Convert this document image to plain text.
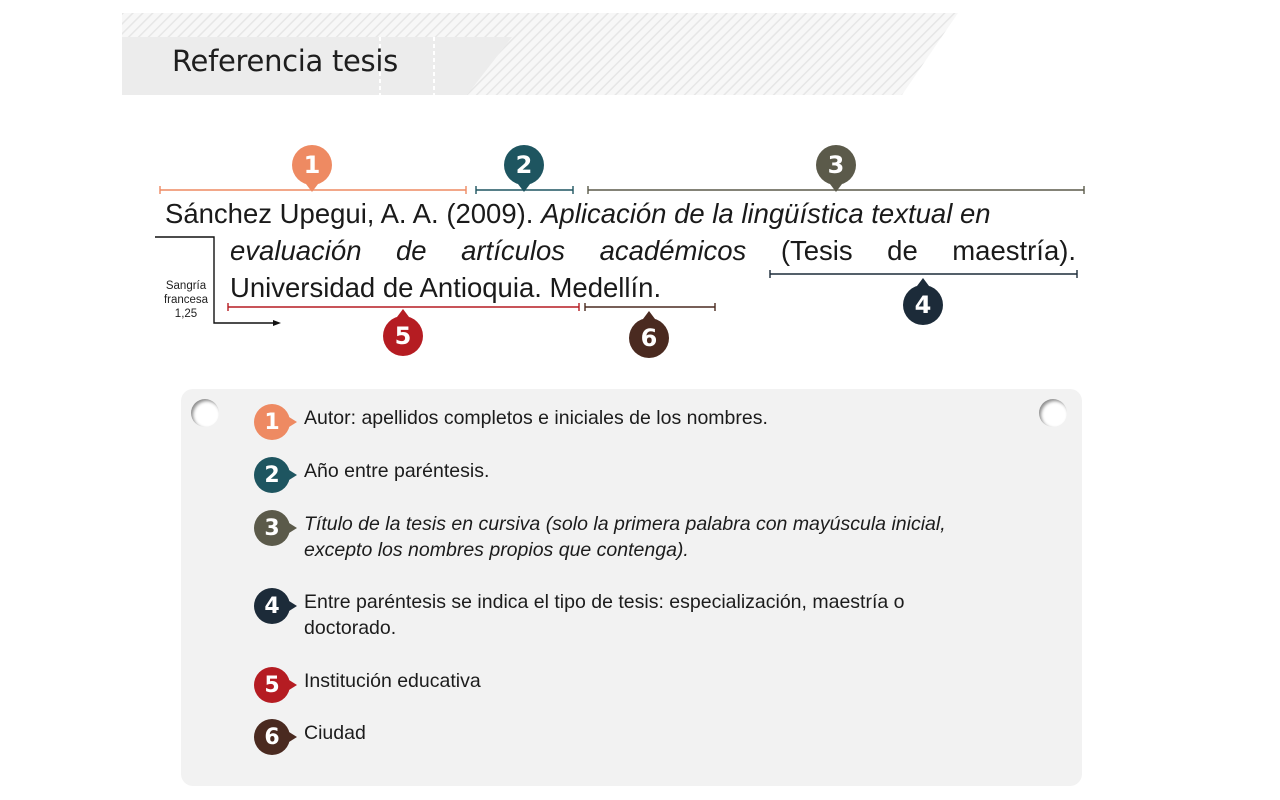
Referencia tesis
Sánchez Upegui, A. A. (2009). Aplicación de la lingüística textual en
evaluación de artículos académicos (Tesis de maestría).
Universidad de Antioquia. Medellín.
Sangría
francesa
1,25
1	2	3
4
5	6
1	Autor: apellidos completos e iniciales de los nombres.
2	Año entre paréntesis.
3	Título de la tesis en cursiva (solo la primera palabra con mayúscula inicial,
excepto los nombres propios que contenga).
4	Entre paréntesis se indica el tipo de tesis: especialización, maestría o
doctorado.
5	Institución educativa
6	Ciudad
